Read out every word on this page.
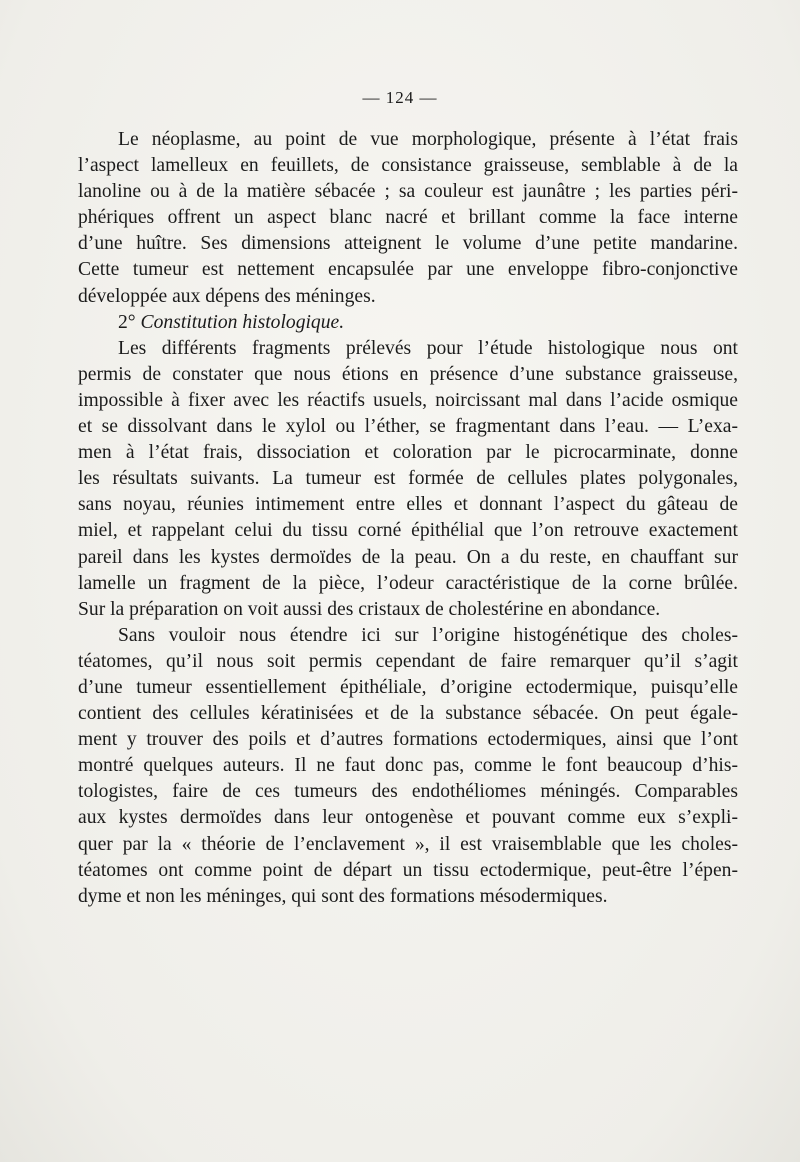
— 124 —
Le néoplasme, au point de vue morphologique, présente à l’état frais
l’aspect lamelleux en feuillets, de consistance graisseuse, semblable à de la
lanoline ou à de la matière sébacée ; sa couleur est jaunâtre ; les parties péri-
phériques offrent un aspect blanc nacré et brillant comme la face interne
d’une huître. Ses dimensions atteignent le volume d’une petite mandarine.
Cette tumeur est nettement encapsulée par une enveloppe fibro-conjonctive
développée aux dépens des méninges.
2° Constitution histologique.
Les différents fragments prélevés pour l’étude histologique nous ont
permis de constater que nous étions en présence d’une substance graisseuse,
impossible à fixer avec les réactifs usuels, noircissant mal dans l’acide osmique
et se dissolvant dans le xylol ou l’éther, se fragmentant dans l’eau. — L’exa-
men à l’état frais, dissociation et coloration par le picrocarminate, donne
les résultats suivants. La tumeur est formée de cellules plates polygonales,
sans noyau, réunies intimement entre elles et donnant l’aspect du gâteau de
miel, et rappelant celui du tissu corné épithélial que l’on retrouve exactement
pareil dans les kystes dermoïdes de la peau. On a du reste, en chauffant sur
lamelle un fragment de la pièce, l’odeur caractéristique de la corne brûlée.
Sur la préparation on voit aussi des cristaux de cholestérine en abondance.
Sans vouloir nous étendre ici sur l’origine histogénétique des choles-
téatomes, qu’il nous soit permis cependant de faire remarquer qu’il s’agit
d’une tumeur essentiellement épithéliale, d’origine ectodermique, puisqu’elle
contient des cellules kératinisées et de la substance sébacée. On peut égale-
ment y trouver des poils et d’autres formations ectodermiques, ainsi que l’ont
montré quelques auteurs. Il ne faut donc pas, comme le font beaucoup d’his-
tologistes, faire de ces tumeurs des endothéliomes méningés. Comparables
aux kystes dermoïdes dans leur ontogenèse et pouvant comme eux s’expli-
quer par la « théorie de l’enclavement », il est vraisemblable que les choles-
téatomes ont comme point de départ un tissu ectodermique, peut-être l’épen-
dyme et non les méninges, qui sont des formations mésodermiques.
